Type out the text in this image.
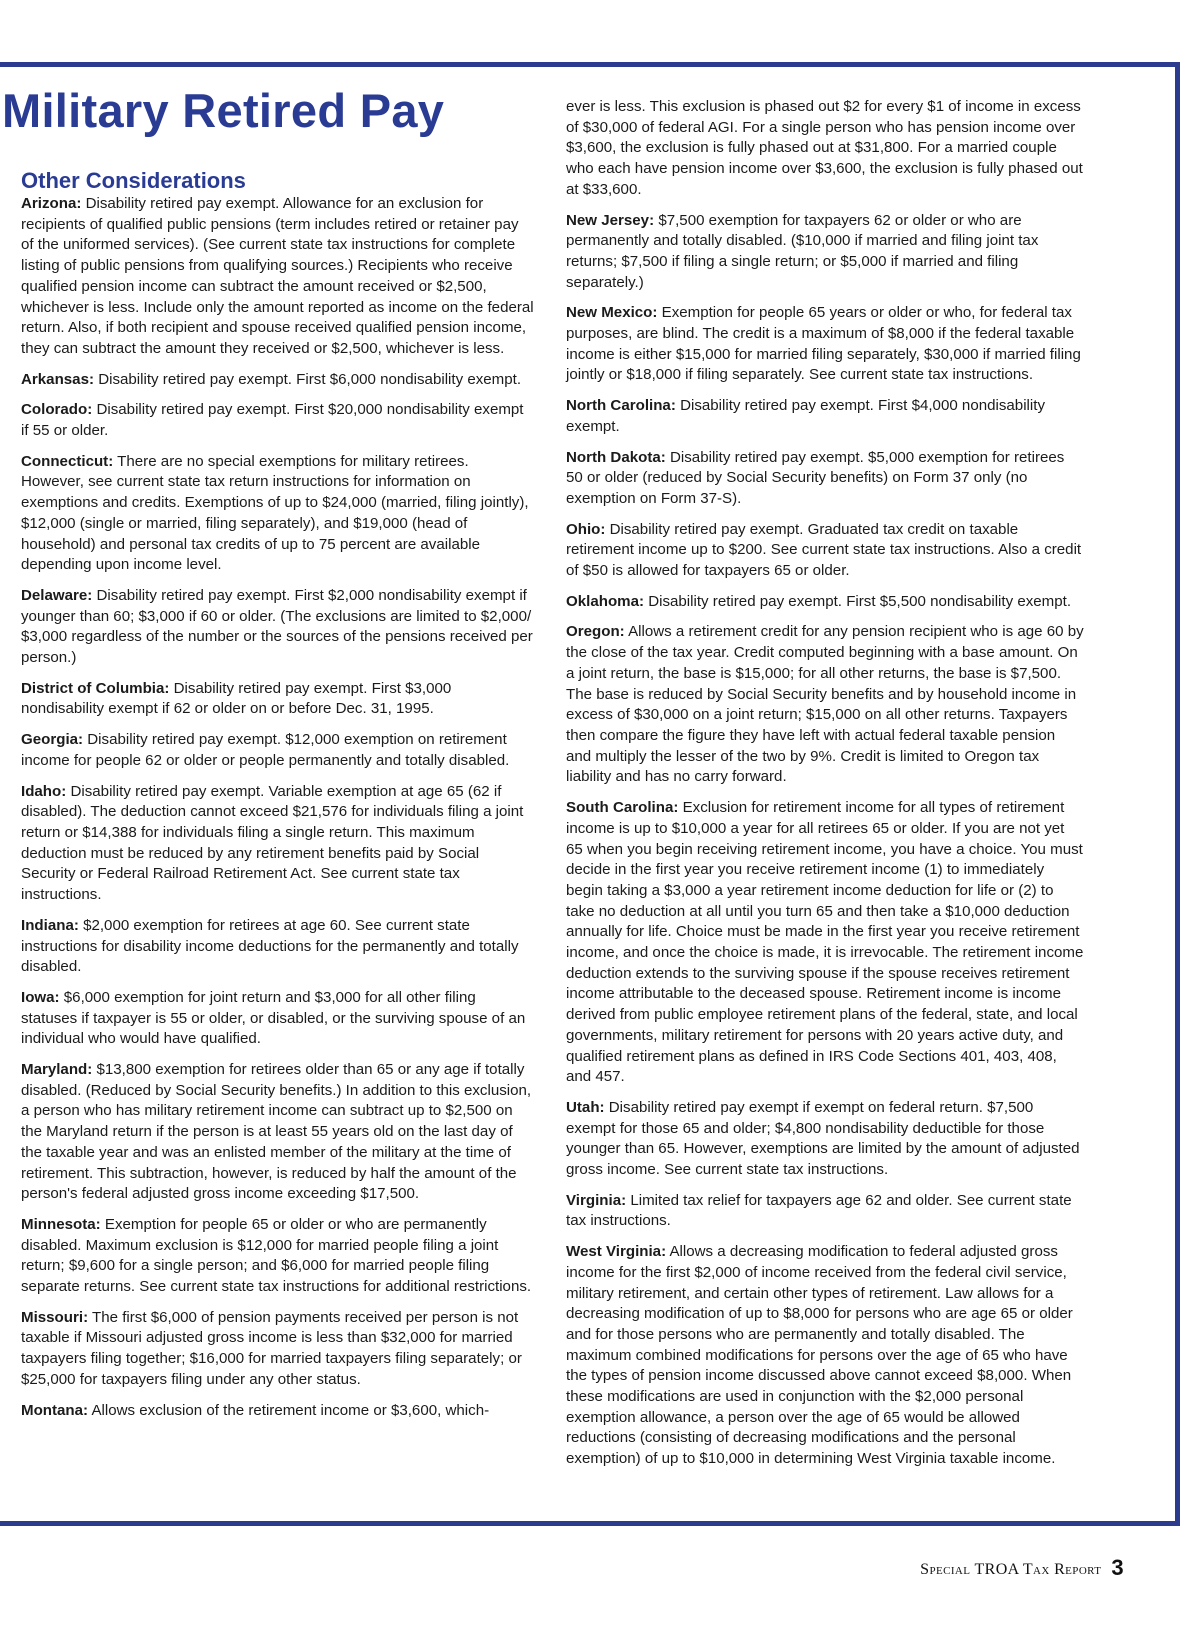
Military Retired Pay
Other Considerations

Arizona: Disability retired pay exempt. Allowance for an exclusion for recipients of qualified public pensions (term includes retired or retainer pay of the uniformed services). (See current state tax instructions for complete listing of public pensions from qualifying sources.) Recipients who receive qualified pension income can subtract the amount received or $2,500, whichever is less. Include only the amount reported as income on the federal return. Also, if both recipient and spouse received qualified pension income, they can subtract the amount they received or $2,500, whichever is less.

Arkansas: Disability retired pay exempt. First $6,000 nondisability exempt.

Colorado: Disability retired pay exempt. First $20,000 nondisability exempt if 55 or older.

Connecticut: There are no special exemptions for military retirees. However, see current state tax return instructions for information on exemptions and credits. Exemptions of up to $24,000 (married, filing jointly), $12,000 (single or married, filing separately), and $19,000 (head of household) and personal tax credits of up to 75 percent are available depending upon income level.

Delaware: Disability retired pay exempt. First $2,000 nondisability exempt if younger than 60; $3,000 if 60 or older. (The exclusions are limited to $2,000/ $3,000 regardless of the number or the sources of the pensions received per person.)

District of Columbia: Disability retired pay exempt. First $3,000 nondisability exempt if 62 or older on or before Dec. 31, 1995.

Georgia: Disability retired pay exempt. $12,000 exemption on retirement income for people 62 or older or people permanently and totally disabled.

Idaho: Disability retired pay exempt. Variable exemption at age 65 (62 if disabled). The deduction cannot exceed $21,576 for individuals filing a joint return or $14,388 for individuals filing a single return. This maximum deduction must be reduced by any retirement benefits paid by Social Security or Federal Railroad Retirement Act. See current state tax instructions.

Indiana: $2,000 exemption for retirees at age 60. See current state instructions for disability income deductions for the permanently and totally disabled.

Iowa: $6,000 exemption for joint return and $3,000 for all other filing statuses if taxpayer is 55 or older, or disabled, or the surviving spouse of an individual who would have qualified.

Maryland: $13,800 exemption for retirees older than 65 or any age if totally disabled. (Reduced by Social Security benefits.) In addition to this exclusion, a person who has military retirement income can subtract up to $2,500 on the Maryland return if the person is at least 55 years old on the last day of the taxable year and was an enlisted member of the military at the time of retirement. This subtraction, however, is reduced by half the amount of the person's federal adjusted gross income exceeding $17,500.

Minnesota: Exemption for people 65 or older or who are permanently disabled. Maximum exclusion is $12,000 for married people filing a joint return; $9,600 for a single person; and $6,000 for married people filing separate returns. See current state tax instructions for additional restrictions.

Missouri: The first $6,000 of pension payments received per person is not taxable if Missouri adjusted gross income is less than $32,000 for married taxpayers filing together; $16,000 for married taxpayers filing separately; or $25,000 for taxpayers filing under any other status.

Montana: Allows exclusion of the retirement income or $3,600, which-

ever is less. This exclusion is phased out $2 for every $1 of income in excess of $30,000 of federal AGI. For a single person who has pension income over $3,600, the exclusion is fully phased out at $31,800. For a married couple who each have pension income over $3,600, the exclusion is fully phased out at $33,600.

New Jersey: $7,500 exemption for taxpayers 62 or older or who are permanently and totally disabled. ($10,000 if married and filing joint tax returns; $7,500 if filing a single return; or $5,000 if married and filing separately.)

New Mexico: Exemption for people 65 years or older or who, for federal tax purposes, are blind. The credit is a maximum of $8,000 if the federal taxable income is either $15,000 for married filing separately, $30,000 if married filing jointly or $18,000 if filing separately. See current state tax instructions.

North Carolina: Disability retired pay exempt. First $4,000 nondisability exempt.

North Dakota: Disability retired pay exempt. $5,000 exemption for retirees 50 or older (reduced by Social Security benefits) on Form 37 only (no exemption on Form 37-S).

Ohio: Disability retired pay exempt. Graduated tax credit on taxable retirement income up to $200. See current state tax instructions. Also a credit of $50 is allowed for taxpayers 65 or older.

Oklahoma: Disability retired pay exempt. First $5,500 nondisability exempt.

Oregon: Allows a retirement credit for any pension recipient who is age 60 by the close of the tax year. Credit computed beginning with a base amount. On a joint return, the base is $15,000; for all other returns, the base is $7,500. The base is reduced by Social Security benefits and by household income in excess of $30,000 on a joint return; $15,000 on all other returns. Taxpayers then compare the figure they have left with actual federal taxable pension and multiply the lesser of the two by 9%. Credit is limited to Oregon tax liability and has no carry forward.

South Carolina: Exclusion for retirement income for all types of retirement income is up to $10,000 a year for all retirees 65 or older. If you are not yet 65 when you begin receiving retirement income, you have a choice. You must decide in the first year you receive retirement income (1) to immediately begin taking a $3,000 a year retirement income deduction for life or (2) to take no deduction at all until you turn 65 and then take a $10,000 deduction annually for life. Choice must be made in the first year you receive retirement income, and once the choice is made, it is irrevocable. The retirement income deduction extends to the surviving spouse if the spouse receives retirement income attributable to the deceased spouse. Retirement income is income derived from public employee retirement plans of the federal, state, and local governments, military retirement for persons with 20 years active duty, and qualified retirement plans as defined in IRS Code Sections 401, 403, 408, and 457.

Utah: Disability retired pay exempt if exempt on federal return. $7,500 exempt for those 65 and older; $4,800 nondisability deductible for those younger than 65. However, exemptions are limited by the amount of adjusted gross income. See current state tax instructions.

Virginia: Limited tax relief for taxpayers age 62 and older. See current state tax instructions.

West Virginia: Allows a decreasing modification to federal adjusted gross income for the first $2,000 of income received from the federal civil service, military retirement, and certain other types of retirement. Law allows for a decreasing modification of up to $8,000 for persons who are age 65 or older and for those persons who are permanently and totally disabled. The maximum combined modifications for persons over the age of 65 who have the types of pension income discussed above cannot exceed $8,000. When these modifications are used in conjunction with the $2,000 personal exemption allowance, a person over the age of 65 would be allowed reductions (consisting of decreasing modifications and the personal exemption) of up to $10,000 in determining West Virginia taxable income.

Special TROA Tax Report 3
